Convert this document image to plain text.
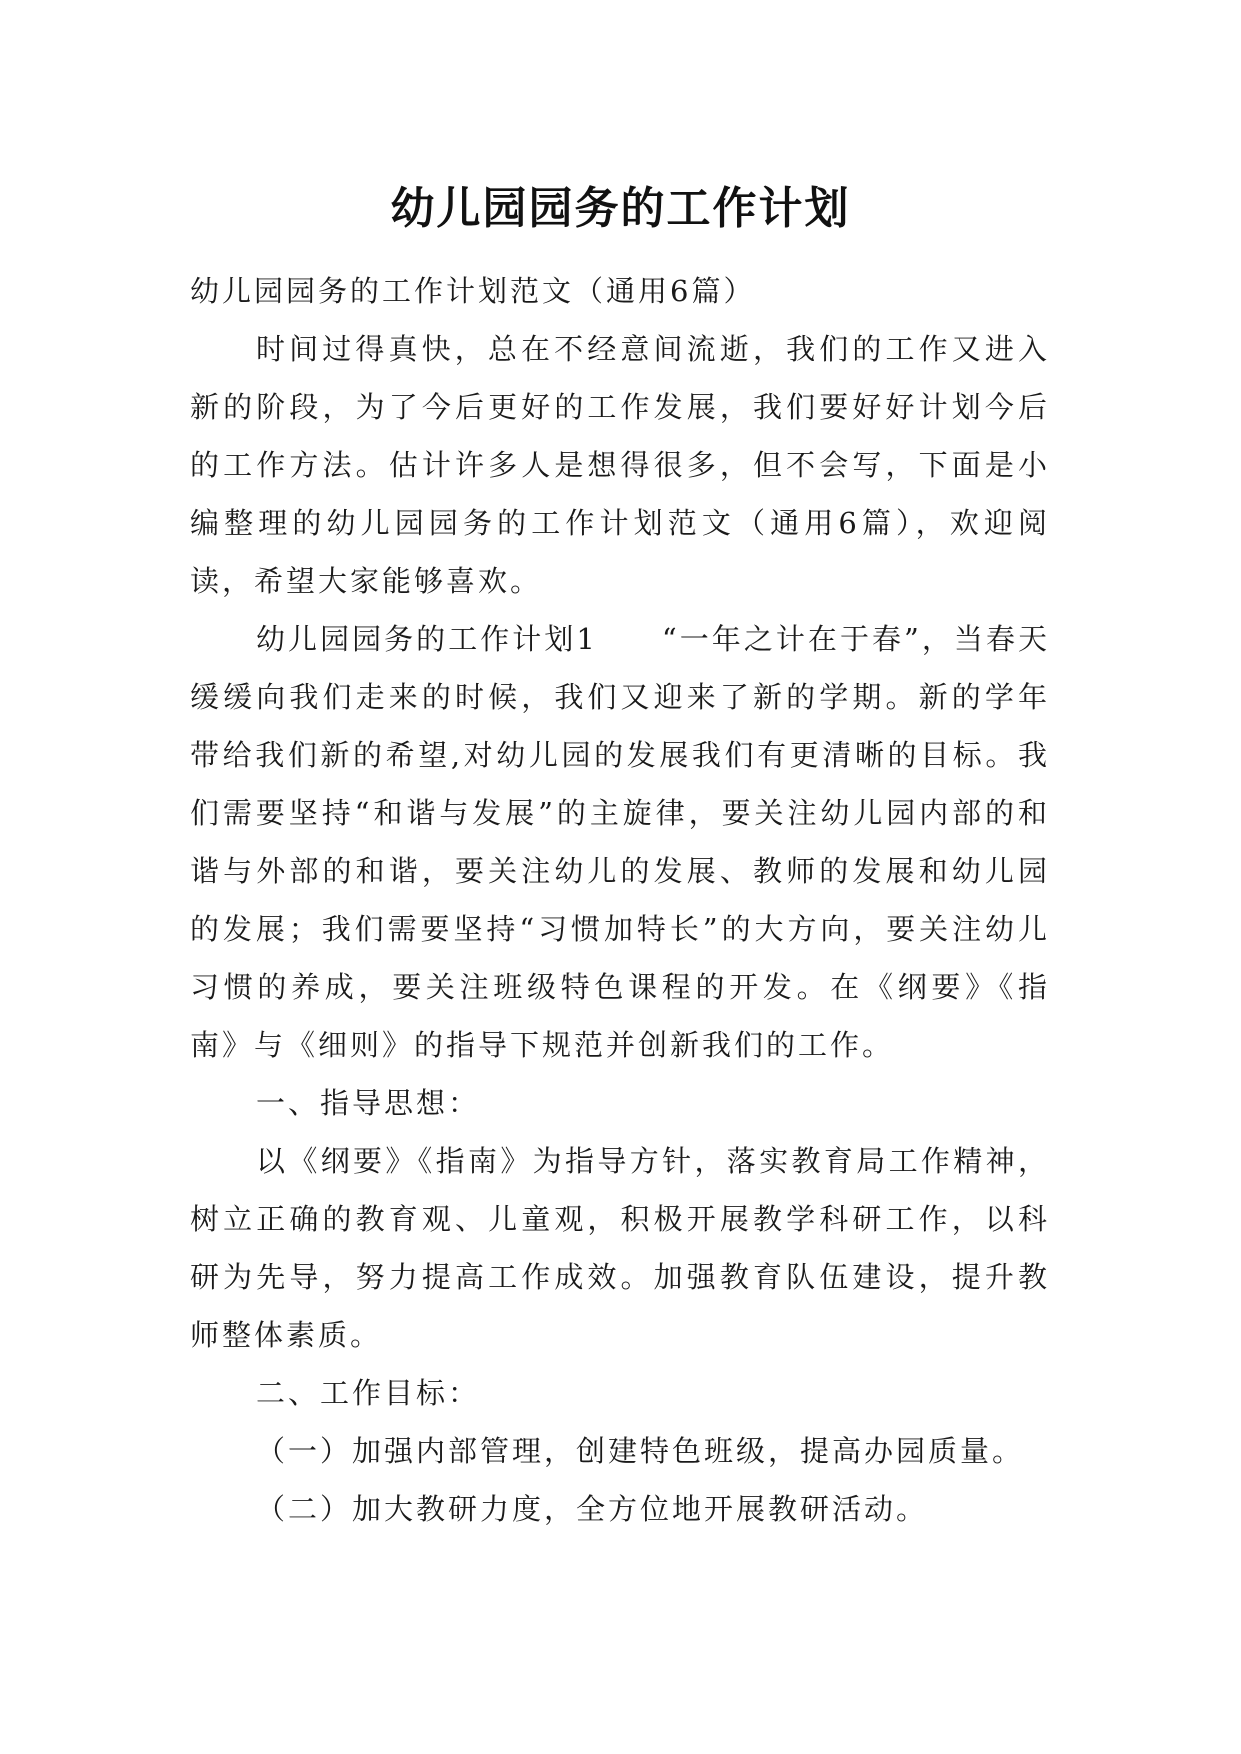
幼儿园园务的工作计划

幼儿园园务的工作计划范文（通用6篇）

时间过得真快，总在不经意间流逝，我们的工作又进入新的阶段，为了今后更好的工作发展，我们要好好计划今后的工作方法。估计许多人是想得很多，但不会写，下面是小编整理的幼儿园园务的工作计划范文（通用6篇），欢迎阅读，希望大家能够喜欢。

幼儿园园务的工作计划1　　“一年之计在于春”，当春天缓缓向我们走来的时候，我们又迎来了新的学期。新的学年带给我们新的希望,对幼儿园的发展我们有更清晰的目标。我们需要坚持“和谐与发展”的主旋律，要关注幼儿园内部的和谐与外部的和谐，要关注幼儿的发展、教师的发展和幼儿园的发展；我们需要坚持“习惯加特长”的大方向，要关注幼儿习惯的养成，要关注班级特色课程的开发。在《纲要》《指南》与《细则》的指导下规范并创新我们的工作。

一、指导思想：

以《纲要》《指南》为指导方针，落实教育局工作精神，树立正确的教育观、儿童观，积极开展教学科研工作，以科研为先导，努力提高工作成效。加强教育队伍建设，提升教师整体素质。

二、工作目标：

（一）加强内部管理，创建特色班级，提高办园质量。

（二）加大教研力度，全方位地开展教研活动。
